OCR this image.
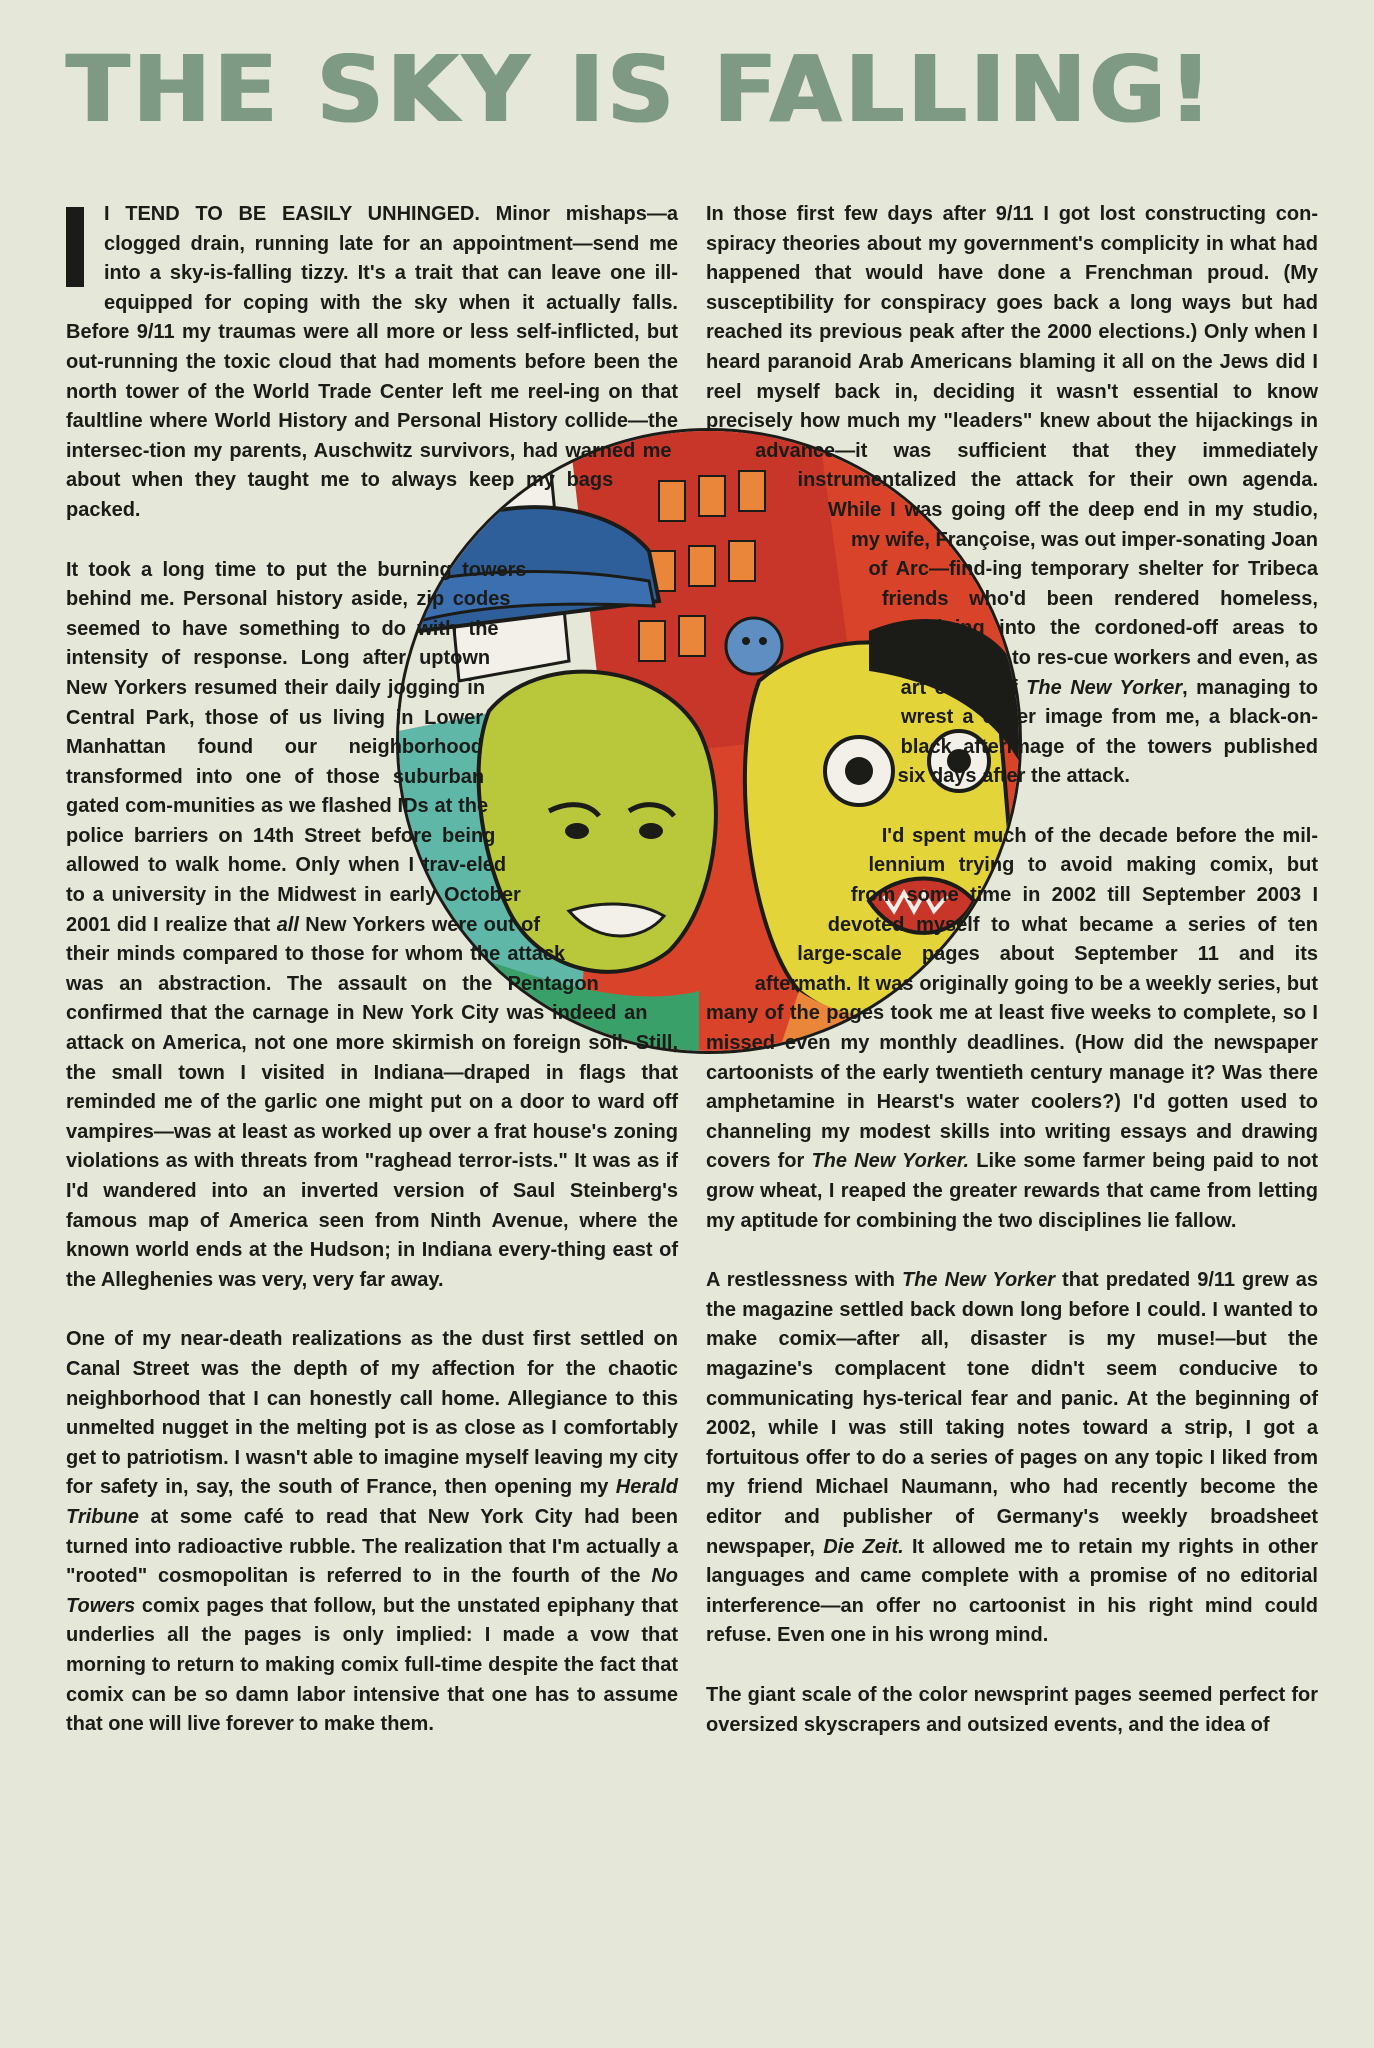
THE SKY IS FALLING!

I TEND TO BE EASILY UNHINGED. Minor mishaps—a clogged drain, running late for an appointment—send me into a sky-is-falling tizzy. It's a trait that can leave one ill-equipped for coping with the sky when it actually falls. Before 9/11 my traumas were all more or less self-inflicted, but out-running the toxic cloud that had moments before been the north tower of the World Trade Center left me reel-ing on that faultline where World History and Personal History collide—the intersec-tion my parents, Auschwitz survivors, had warned me about when they taught me to always keep my bags packed.

It took a long time to put the burning towers behind me. Personal history aside, zip codes seemed to have something to do with the intensity of response. Long after uptown New Yorkers resumed their daily jogging in Central Park, those of us living in Lower Manhattan found our neighborhood transformed into one of those suburban gated com-munities as we flashed IDs at the police barriers on 14th Street before being allowed to walk home. Only when I trav-eled to a university in the Midwest in early October 2001 did I realize that all New Yorkers were out of their minds compared to those for whom the attack was an abstraction. The assault on the Pentagon confirmed that the carnage in New York City was indeed an attack on America, not one more skirmish on foreign soil. Still, the small town I visited in Indiana—draped in flags that reminded me of the garlic one might put on a door to ward off vampires—was at least as worked up over a frat house's zoning violations as with threats from "raghead terror-ists." It was as if I'd wandered into an inverted version of Saul Steinberg's famous map of America seen from Ninth Avenue, where the known world ends at the Hudson; in Indiana every-thing east of the Alleghenies was very, very far away.

One of my near-death realizations as the dust first settled on Canal Street was the depth of my affection for the chaotic neighborhood that I can honestly call home. Allegiance to this unmelted nugget in the melting pot is as close as I comfortably get to patriotism. I wasn't able to imagine myself leaving my city for safety in, say, the south of France, then opening my Herald Tribune at some café to read that New York City had been turned into radioactive rubble. The realization that I'm actually a "rooted" cosmopolitan is referred to in the fourth of the No Towers comix pages that follow, but the unstated epiphany that underlies all the pages is only implied: I made a vow that morning to return to making comix full-time despite the fact that comix can be so damn labor intensive that one has to assume that one will live forever to make them.

In those first few days after 9/11 I got lost constructing con-spiracy theories about my government's complicity in what had happened that would have done a Frenchman proud. (My susceptibility for conspiracy goes back a long ways but had reached its previous peak after the 2000 elections.) Only when I heard paranoid Arab Americans blaming it all on the Jews did I reel myself back in, deciding it wasn't essential to know precisely how much my "leaders" knew about the hijackings in advance—it was sufficient that they immediately instrumentalized the attack for their own agenda. While I was going off the deep end in my studio, my wife, Françoise, was out imper-sonating Joan of Arc—find-ing temporary shelter for Tribeca friends who'd been rendered homeless, sneak-ing into the cordoned-off areas to bring water to res-cue workers and even, as art editor of The New Yorker, managing to wrest a cover image from me, a black-on-black afterimage of the towers published six days after the attack.

I'd spent much of the decade before the mil-lennium trying to avoid making comix, but from some time in 2002 till September 2003 I devoted myself to what became a series of ten large-scale pages about September 11 and its aftermath. It was originally going to be a weekly series, but many of the pages took me at least five weeks to complete, so I missed even my monthly deadlines. (How did the newspaper cartoonists of the early twentieth century manage it? Was there amphetamine in Hearst's water coolers?) I'd gotten used to channeling my modest skills into writing essays and drawing covers for The New Yorker. Like some farmer being paid to not grow wheat, I reaped the greater rewards that came from letting my aptitude for combining the two disciplines lie fallow.

A restlessness with The New Yorker that predated 9/11 grew as the magazine settled back down long before I could. I wanted to make comix—after all, disaster is my muse!—but the magazine's complacent tone didn't seem conducive to communicating hys-terical fear and panic. At the beginning of 2002, while I was still taking notes toward a strip, I got a fortuitous offer to do a series of pages on any topic I liked from my friend Michael Naumann, who had recently become the editor and publisher of Germany's weekly broadsheet newspaper, Die Zeit. It allowed me to retain my rights in other languages and came complete with a promise of no editorial interference—an offer no cartoonist in his right mind could refuse. Even one in his wrong mind.

The giant scale of the color newsprint pages seemed perfect for oversized skyscrapers and outsized events, and the idea of
